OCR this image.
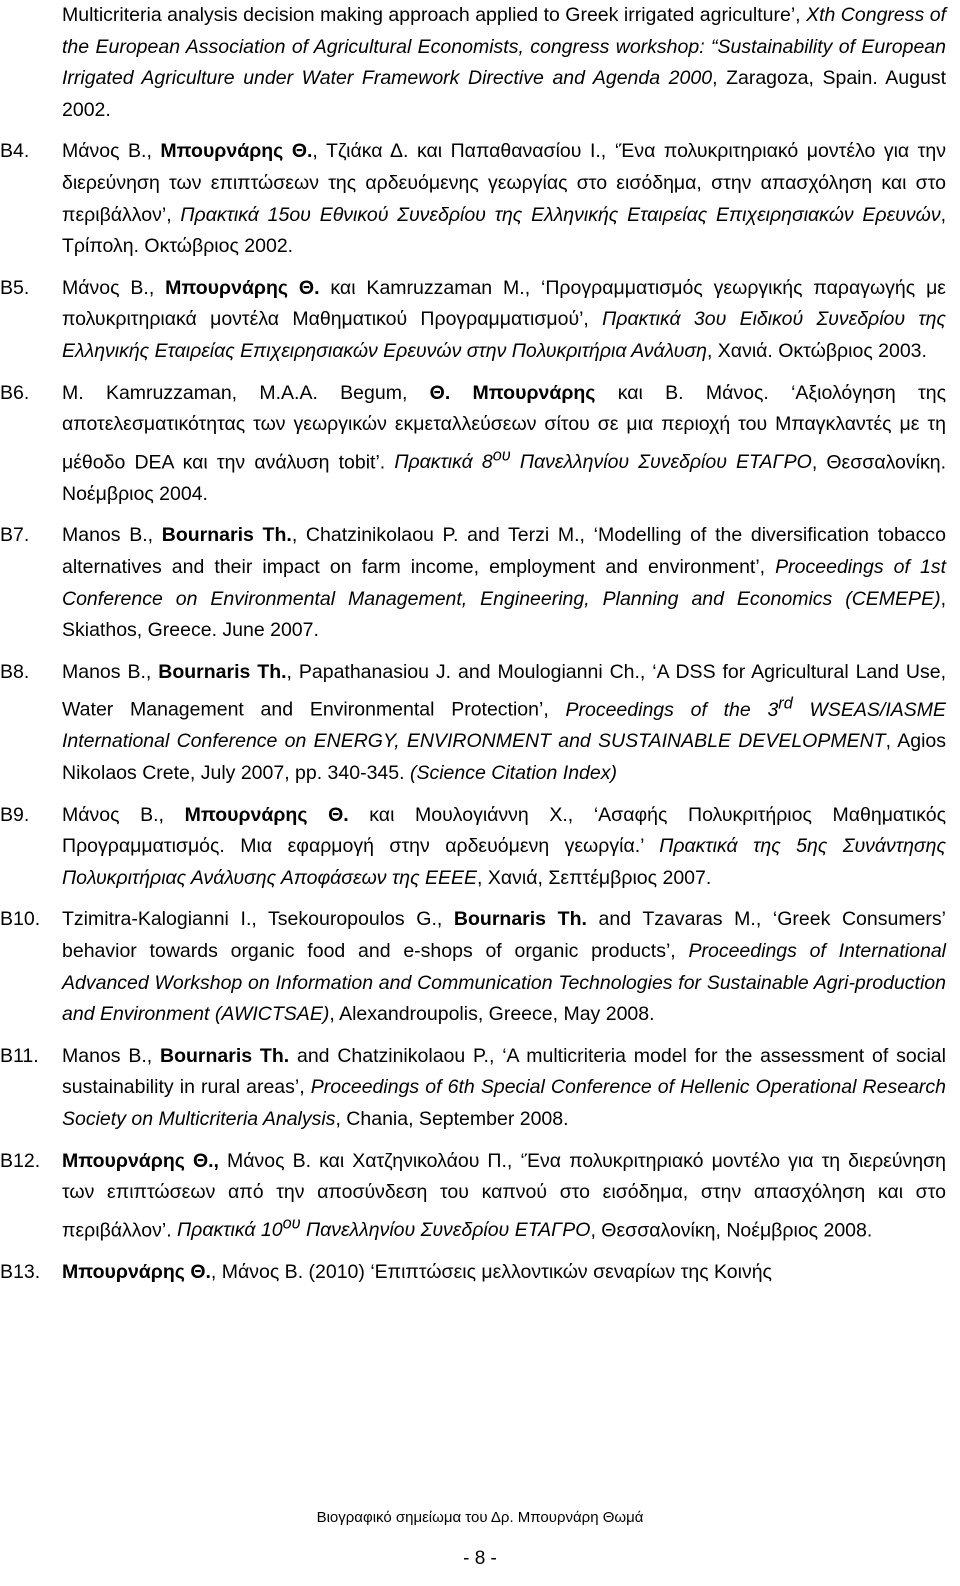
Multicriteria analysis decision making approach applied to Greek irrigated agriculture’, Xth Congress of the European Association of Agricultural Economists, congress workshop: “Sustainability of European Irrigated Agriculture under Water Framework Directive and Agenda 2000, Zaragoza, Spain. August 2002.
B4. Μάνος Β., Μπουρνάρης Θ., Τζιάκα Δ. και Παπαθανασίου Ι., ‘Ένα πολυκριτηριακό μοντέλο για την διερεύνηση των επιπτώσεων της αρδευόμενης γεωργίας στο εισόδημα, στην απασχόληση και στο περιβάλλον’, Πρακτικά 15ου Εθνικού Συνεδρίου της Ελληνικής Εταιρείας Επιχειρησιακών Ερευνών, Τρίπολη. Οκτώβριος 2002.
B5. Μάνος Β., Μπουρνάρης Θ. και Kamruzzaman M., ‘Προγραμματισμός γεωργικής παραγωγής με πολυκριτηριακά μοντέλα Μαθηματικού Προγραμματισμού’, Πρακτικά 3ου Ειδικού Συνεδρίου της Ελληνικής Εταιρείας Επιχειρησιακών Ερευνών στην Πολυκριτήρια Ανάλυση, Χανιά. Οκτώβριος 2003.
B6. M. Kamruzzaman, M.A.A. Begum, Θ. Μπουρνάρης και Β. Μάνος. ‘Αξιολόγηση της αποτελεσματικότητας των γεωργικών εκμεταλλεύσεων σίτου σε μια περιοχή του Μπαγκλαντές με τη μέθοδο DEA και την ανάλυση tobit’. Πρακτικά $8^{o\upsilon}$ Πανελληνίου Συνεδρίου ΕΤΑΓΡΟ, Θεσσαλονίκη. Νοέμβριος 2004.
B7. Manos B., Bournaris Th., Chatzinikolaou P. and Terzi M., ‘Modelling of the diversification tobacco alternatives and their impact on farm income, employment and environment’, Proceedings of 1st Conference on Environmental Management, Engineering, Planning and Economics (CEMEPE), Skiathos, Greece. June 2007.
B8. Manos B., Bournaris Th., Papathanasiou J. and Moulogianni Ch., ‘A DSS for Agricultural Land Use, Water Management and Environmental Protection’, Proceedings of the 3rd WSEAS/IASME International Conference on ENERGY, ENVIRONMENT and SUSTAINABLE DEVELOPMENT, Agios Nikolaos Crete, July 2007, pp. 340-345. (Science Citation Index)
B9. Μάνος Β., Μπουρνάρης Θ. και Μουλογιάννη Χ., ‘Ασαφής Πολυκριτήριος Μαθηματικός Προγραμματισμός. Μια εφαρμογή στην αρδευόμενη γεωργία.’ Πρακτικά της 5ης Συνάντησης Πολυκριτήριας Ανάλυσης Αποφάσεων της ΕΕΕΕ, Χανιά, Σεπτέμβριος 2007.
B10. Tzimitra-Kalogianni I., Tsekouropoulos G., Bournaris Th. and Tzavaras M., ‘Greek Consumers’ behavior towards organic food and e-shops of organic products’, Proceedings of International Advanced Workshop on Information and Communication Technologies for Sustainable Agri-production and Environment (AWICTSAE), Alexandroupolis, Greece, May 2008.
B11. Manos B., Bournaris Th. and Chatzinikolaou P., ‘A multicriteria model for the assessment of social sustainability in rural areas’, Proceedings of 6th Special Conference of Hellenic Operational Research Society on Multicriteria Analysis, Chania, September 2008.
B12. Μπουρνάρης Θ., Μάνος Β. και Χατζηνικολάου Π., ‘Ένα πολυκριτηριακό μοντέλο για τη διερεύνηση των επιπτώσεων από την αποσύνδεση του καπνού στο εισόδημα, στην απασχόληση και στο περιβάλλον’. Πρακτικά $10^{o\upsilon}$ Πανελληνίου Συνεδρίου ΕΤΑΓΡΟ, Θεσσαλονίκη, Νοέμβριος 2008.
B13. Μπουρνάρης Θ., Μάνος Β. (2010) ‘Επιπτώσεις μελλοντικών σεναρίων της Κοινής
Βιογραφικό σημείωμα του Δρ. Μπουρνάρη Θωμά
- 8 -
